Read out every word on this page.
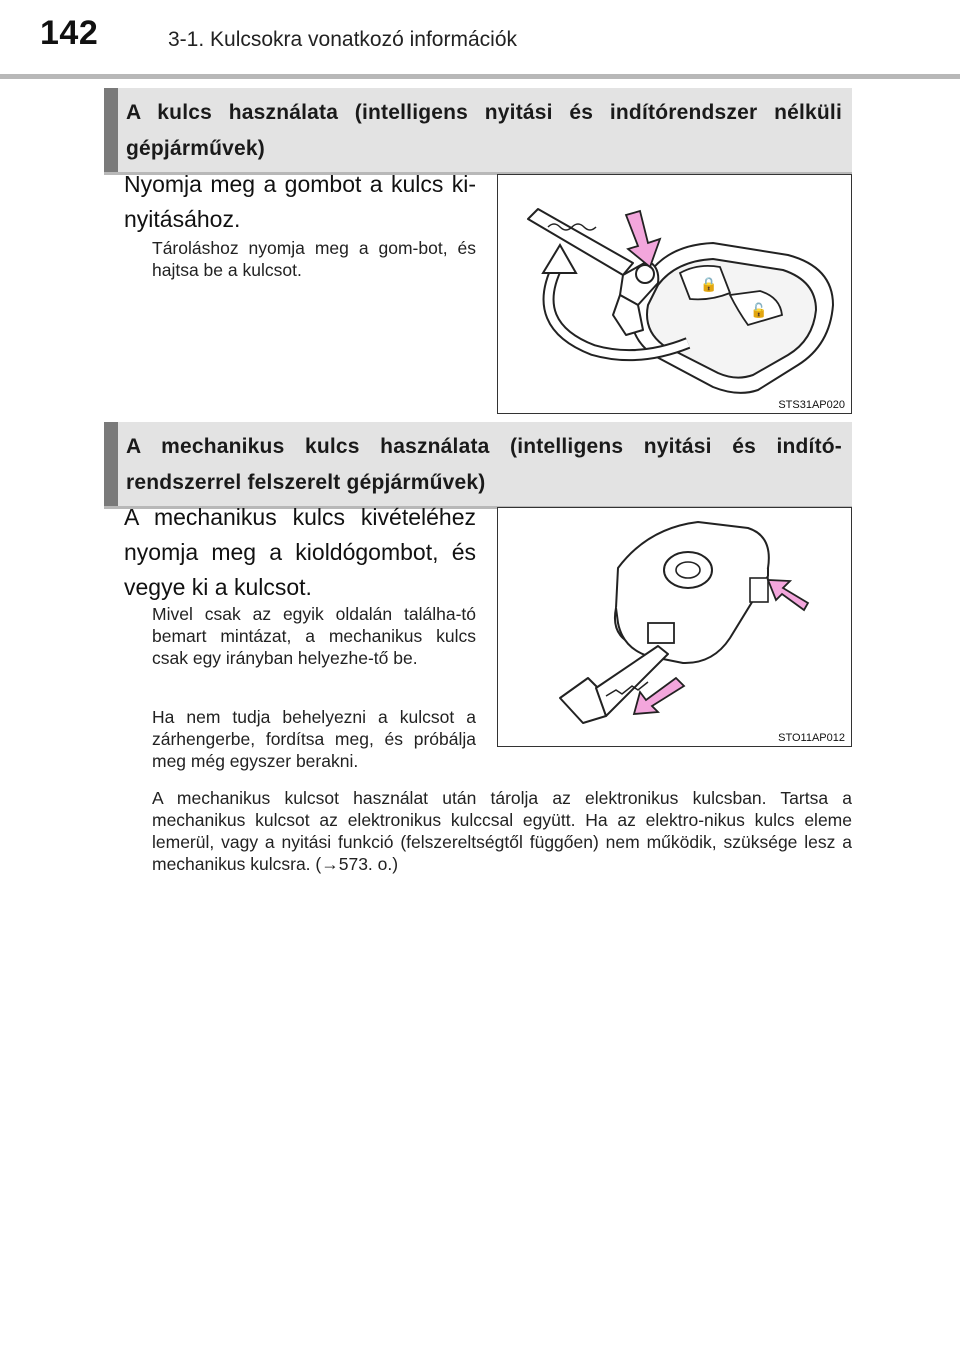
142	3-1. Kulcsokra vonatkozó információk
A kulcs használata (intelligens nyitási és indítórendszer nélküli gépjárművek)
Nyomja meg a gombot a kulcs ki-nyitásához.
Tároláshoz nyomja meg a gom-bot, és hajtsa be a kulcsot.
🔒
🔓
STS31AP020
A mechanikus kulcs használata (intelligens nyitási és indító-rendszerrel felszerelt gépjárművek)
A mechanikus kulcs kivételéhez nyomja meg a kioldógombot, és vegye ki a kulcsot.
Mivel csak az egyik oldalán találha-tó bemart mintázat, a mechanikus kulcs csak egy irányban helyezhe-tő be.
Ha nem tudja behelyezni a kulcsot a zárhengerbe, fordítsa meg, és próbálja meg még egyszer berakni.
A mechanikus kulcsot használat után tárolja az elektronikus kulcsban. Tartsa a mechanikus kulcsot az elektronikus kulccsal együtt. Ha az elektro-nikus kulcs eleme lemerül, vagy a nyitási funkció (felszereltségtől függően) nem működik, szüksége lesz a mechanikus kulcsra. (→573. o.)
STO11AP012
